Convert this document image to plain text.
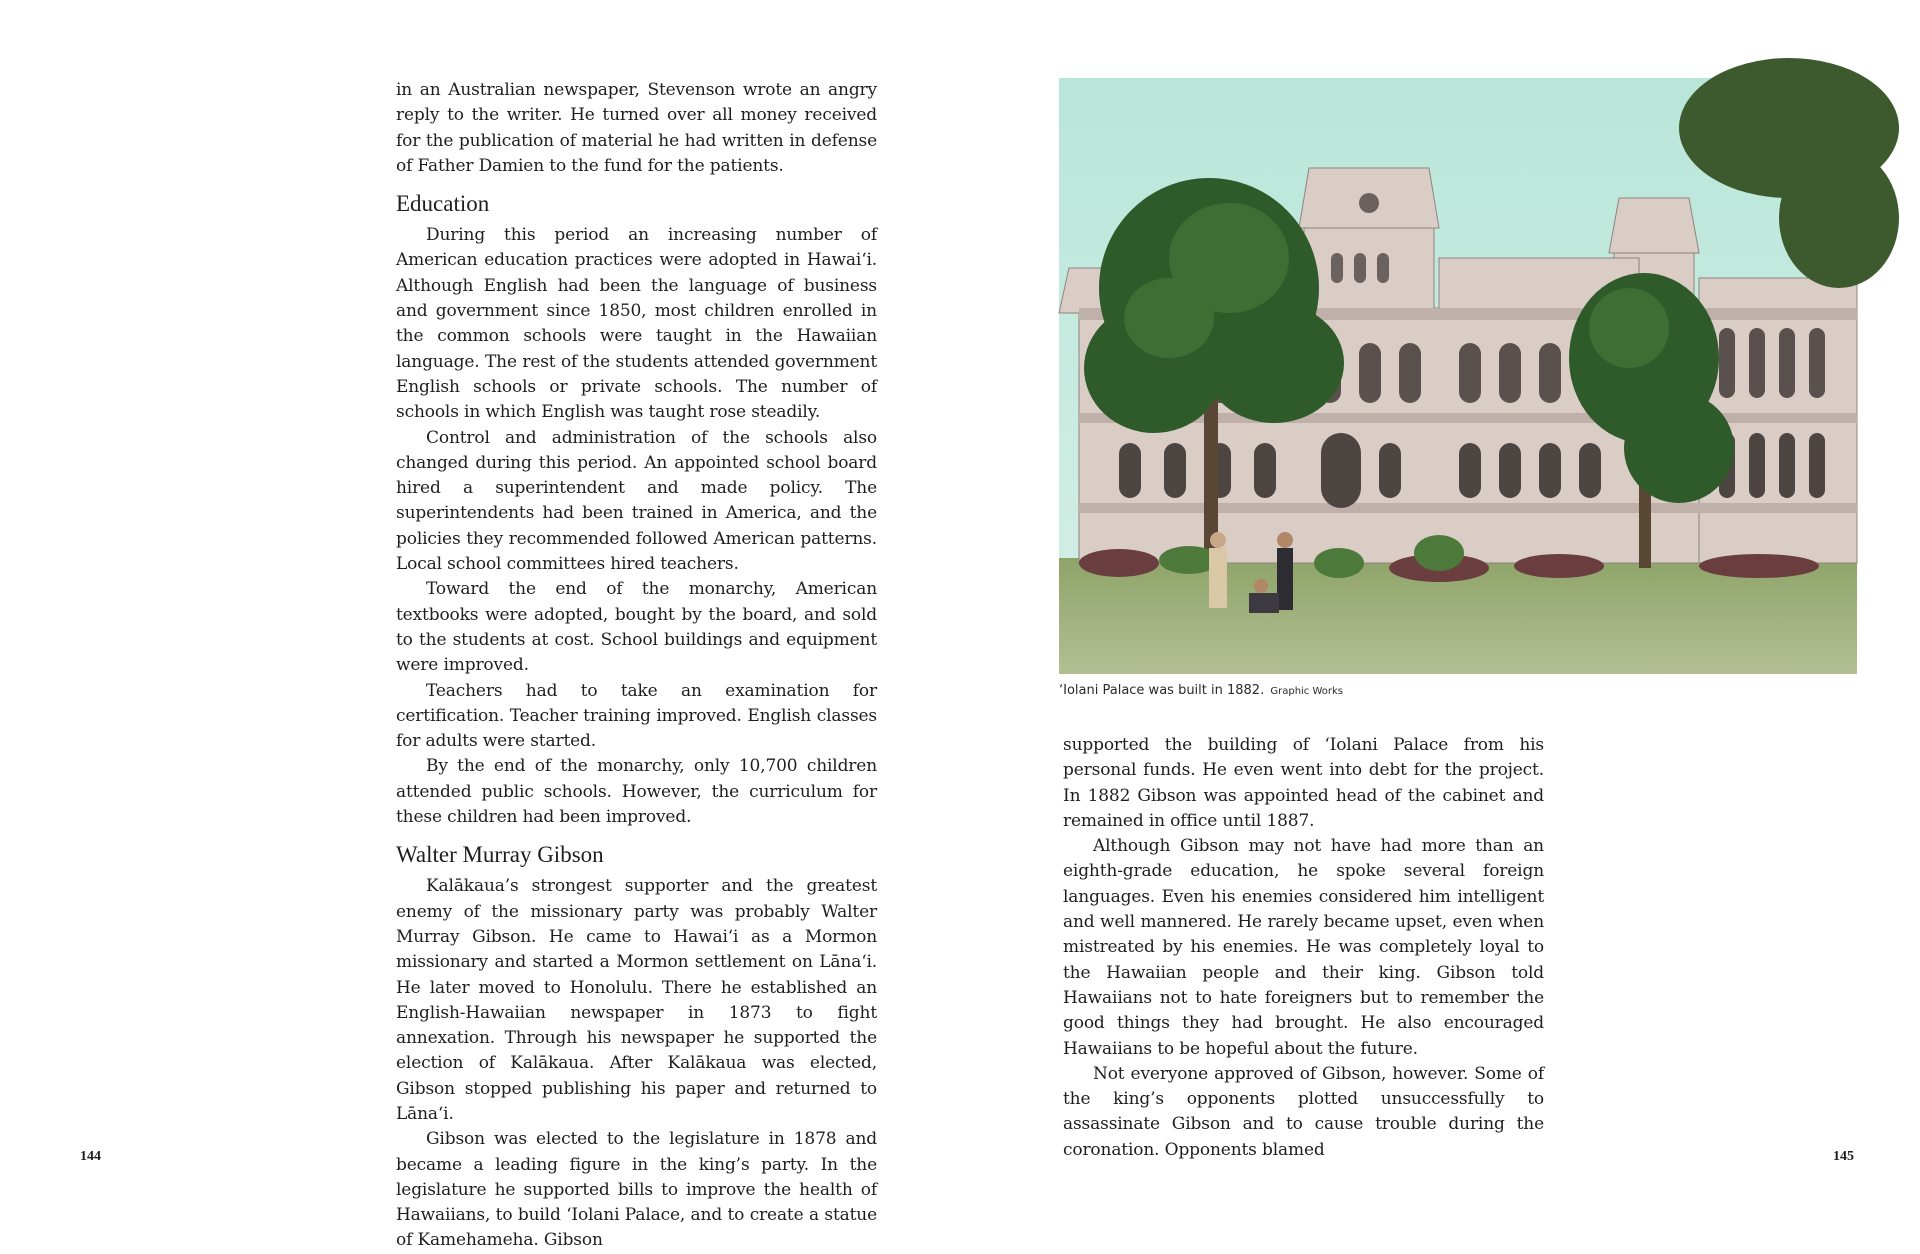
in an Australian newspaper, Stevenson wrote an angry reply to the writer. He turned over all money received for the publication of material he had written in defense of Father Damien to the fund for the patients.

Education

During this period an increasing number of American education practices were adopted in Hawai‘i. Although English had been the language of business and government since 1850, most children enrolled in the common schools were taught in the Hawaiian language. The rest of the students attended government English schools or private schools. The number of schools in which English was taught rose steadily.

Control and administration of the schools also changed during this period. An appointed school board hired a superintendent and made policy. The superintendents had been trained in America, and the policies they recommended followed American patterns. Local school committees hired teachers.

Toward the end of the monarchy, American textbooks were adopted, bought by the board, and sold to the students at cost. School buildings and equipment were improved.

Teachers had to take an examination for certification. Teacher training improved. English classes for adults were started.

By the end of the monarchy, only 10,700 children attended public schools. However, the curriculum for these children had been improved.

Walter Murray Gibson

Kalākaua’s strongest supporter and the greatest enemy of the missionary party was probably Walter Murray Gibson. He came to Hawai‘i as a Mormon missionary and started a Mormon settlement on Lāna‘i. He later moved to Honolulu. There he established an English-Hawaiian newspaper in 1873 to fight annexation. Through his newspaper he supported the election of Kalākaua. After Kalākaua was elected, Gibson stopped publishing his paper and returned to Lāna‘i.

Gibson was elected to the legislature in 1878 and became a leading figure in the king’s party. In the legislature he supported bills to improve the health of Hawaiians, to build ‘Iolani Palace, and to create a statue of Kamehameha. Gibson

144
‘Iolani Palace was built in 1882. Graphic Works

supported the building of ‘Iolani Palace from his personal funds. He even went into debt for the project. In 1882 Gibson was appointed head of the cabinet and remained in office until 1887.

Although Gibson may not have had more than an eighth-grade education, he spoke several foreign languages. Even his enemies considered him intelligent and well mannered. He rarely became upset, even when mistreated by his enemies. He was completely loyal to the Hawaiian people and their king. Gibson told Hawaiians not to hate foreigners but to remember the good things they had brought. He also encouraged Hawaiians to be hopeful about the future.

Not everyone approved of Gibson, however. Some of the king’s opponents plotted unsuccessfully to assassinate Gibson and to cause trouble during the coronation. Opponents blamed	145
